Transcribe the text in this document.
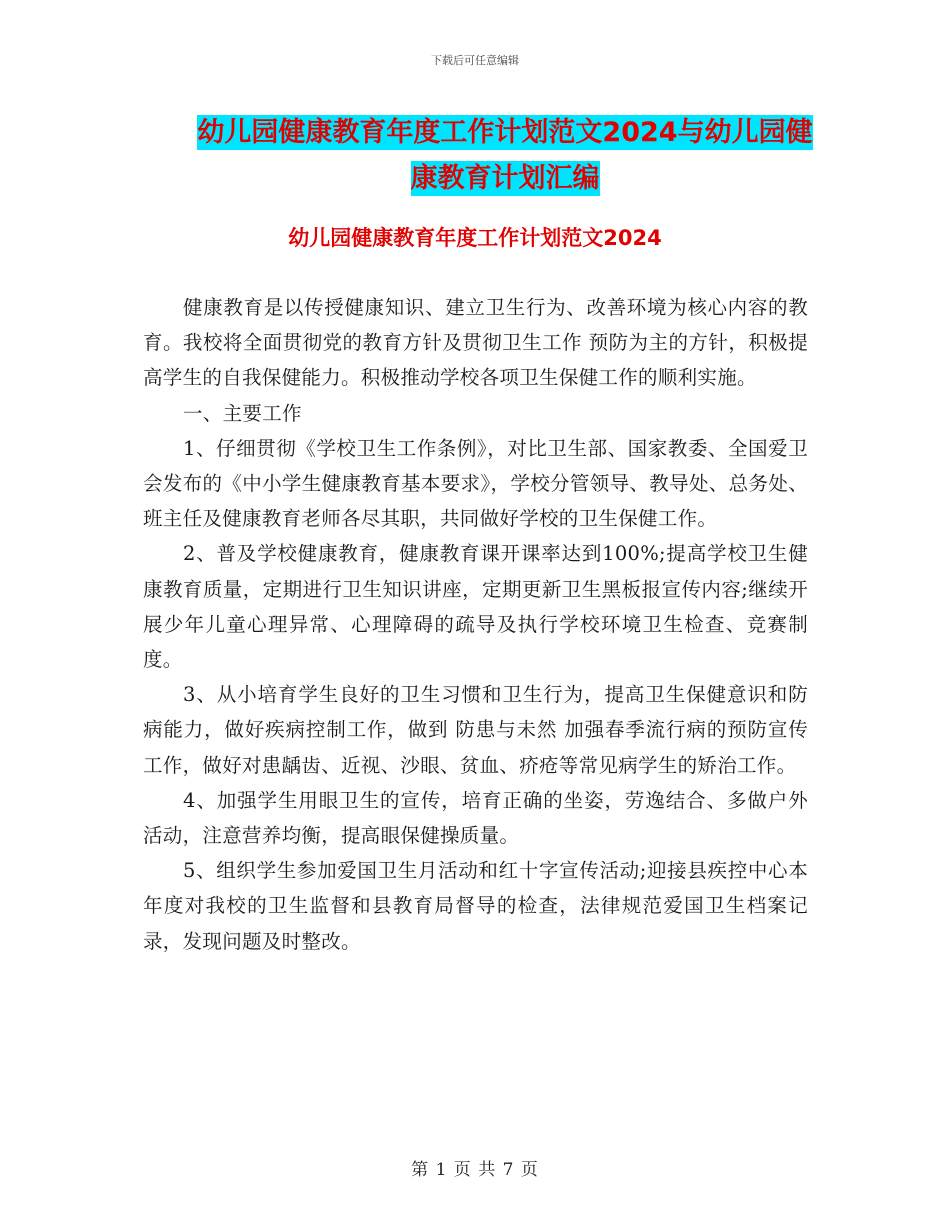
下载后可任意编辑
幼儿园健康教育年度工作计划范文2024与幼儿园健康教育计划汇编
幼儿园健康教育年度工作计划范文2024

健康教育是以传授健康知识、建立卫生行为、改善环境为核心内容的教育。我校将全面贯彻党的教育方针及贯彻卫生工作 预防为主的方针，积极提高学生的自我保健能力。积极推动学校各项卫生保健工作的顺利实施。

一、主要工作

1、仔细贯彻《学校卫生工作条例》，对比卫生部、国家教委、全国爱卫会发布的《中小学生健康教育基本要求》，学校分管领导、教导处、总务处、班主任及健康教育老师各尽其职，共同做好学校的卫生保健工作。

2、普及学校健康教育，健康教育课开课率达到100%;提高学校卫生健康教育质量，定期进行卫生知识讲座，定期更新卫生黑板报宣传内容;继续开展少年儿童心理异常、心理障碍的疏导及执行学校环境卫生检查、竞赛制度。

3、从小培育学生良好的卫生习惯和卫生行为，提高卫生保健意识和防病能力，做好疾病控制工作，做到 防患与未然 加强春季流行病的预防宣传工作，做好对患龋齿、近视、沙眼、贫血、疥疮等常见病学生的矫治工作。

4、加强学生用眼卫生的宣传，培育正确的坐姿，劳逸结合、多做户外活动，注意营养均衡，提高眼保健操质量。

5、组织学生参加爱国卫生月活动和红十字宣传活动;迎接县疾控中心本年度对我校的卫生监督和县教育局督导的检查，法律规范爱国卫生档案记录，发现问题及时整改。

第 1 页 共 7 页
